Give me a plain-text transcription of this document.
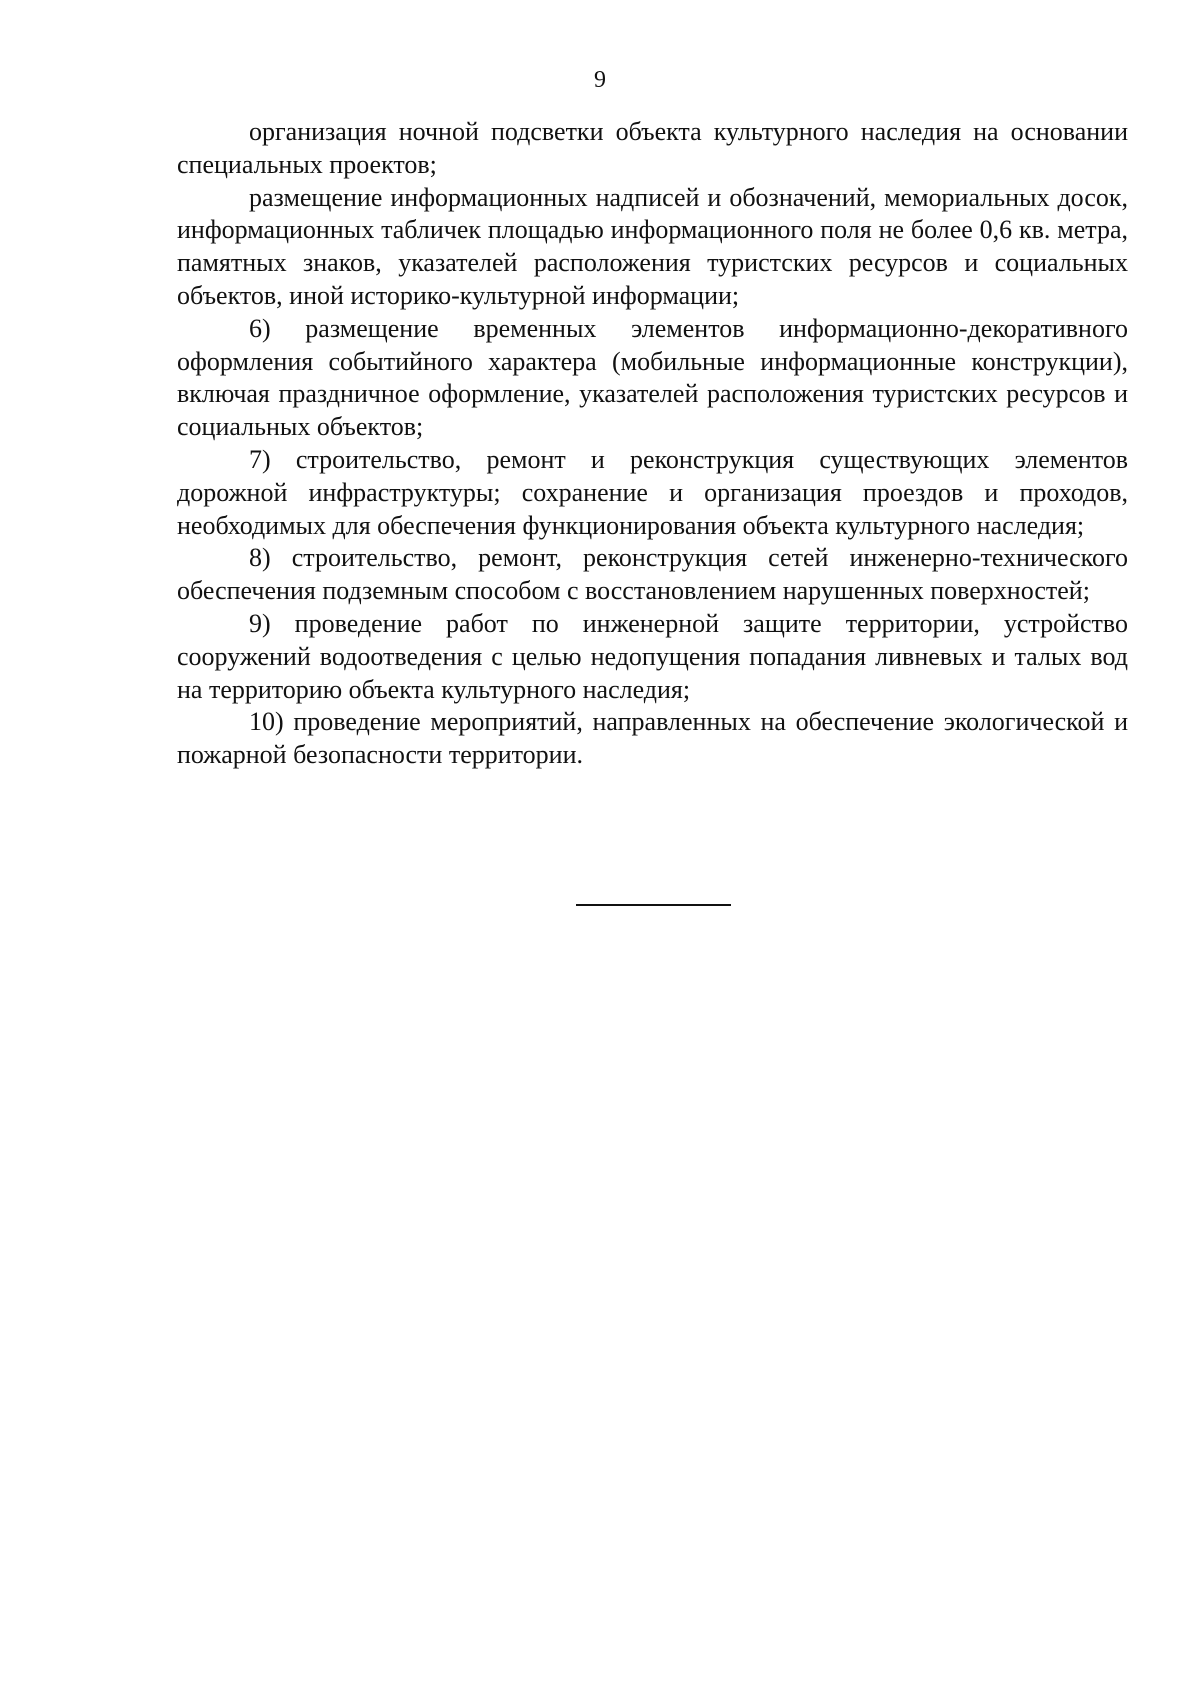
9

организация ночной подсветки объекта культурного наследия на основании специальных проектов;

размещение информационных надписей и обозначений, мемориальных досок, информационных табличек площадью информационного поля не более 0,6 кв. метра, памятных знаков, указателей расположения туристских ресурсов и социальных объектов, иной историко-культурной информации;

6) размещение временных элементов информационно-декоративного оформления событийного характера (мобильные информационные конструкции), включая праздничное оформление, указателей расположения туристских ресурсов и социальных объектов;

7) строительство, ремонт и реконструкция существующих элементов дорожной инфраструктуры; сохранение и организация проездов и проходов, необходимых для обеспечения функционирования объекта культурного наследия;

8) строительство, ремонт, реконструкция сетей инженерно-технического обеспечения подземным способом с восстановлением нарушенных поверхностей;

9) проведение работ по инженерной защите территории, устройство сооружений водоотведения с целью недопущения попадания ливневых и талых вод на территорию объекта культурного наследия;

10) проведение мероприятий, направленных на обеспечение экологической и пожарной безопасности территории.
